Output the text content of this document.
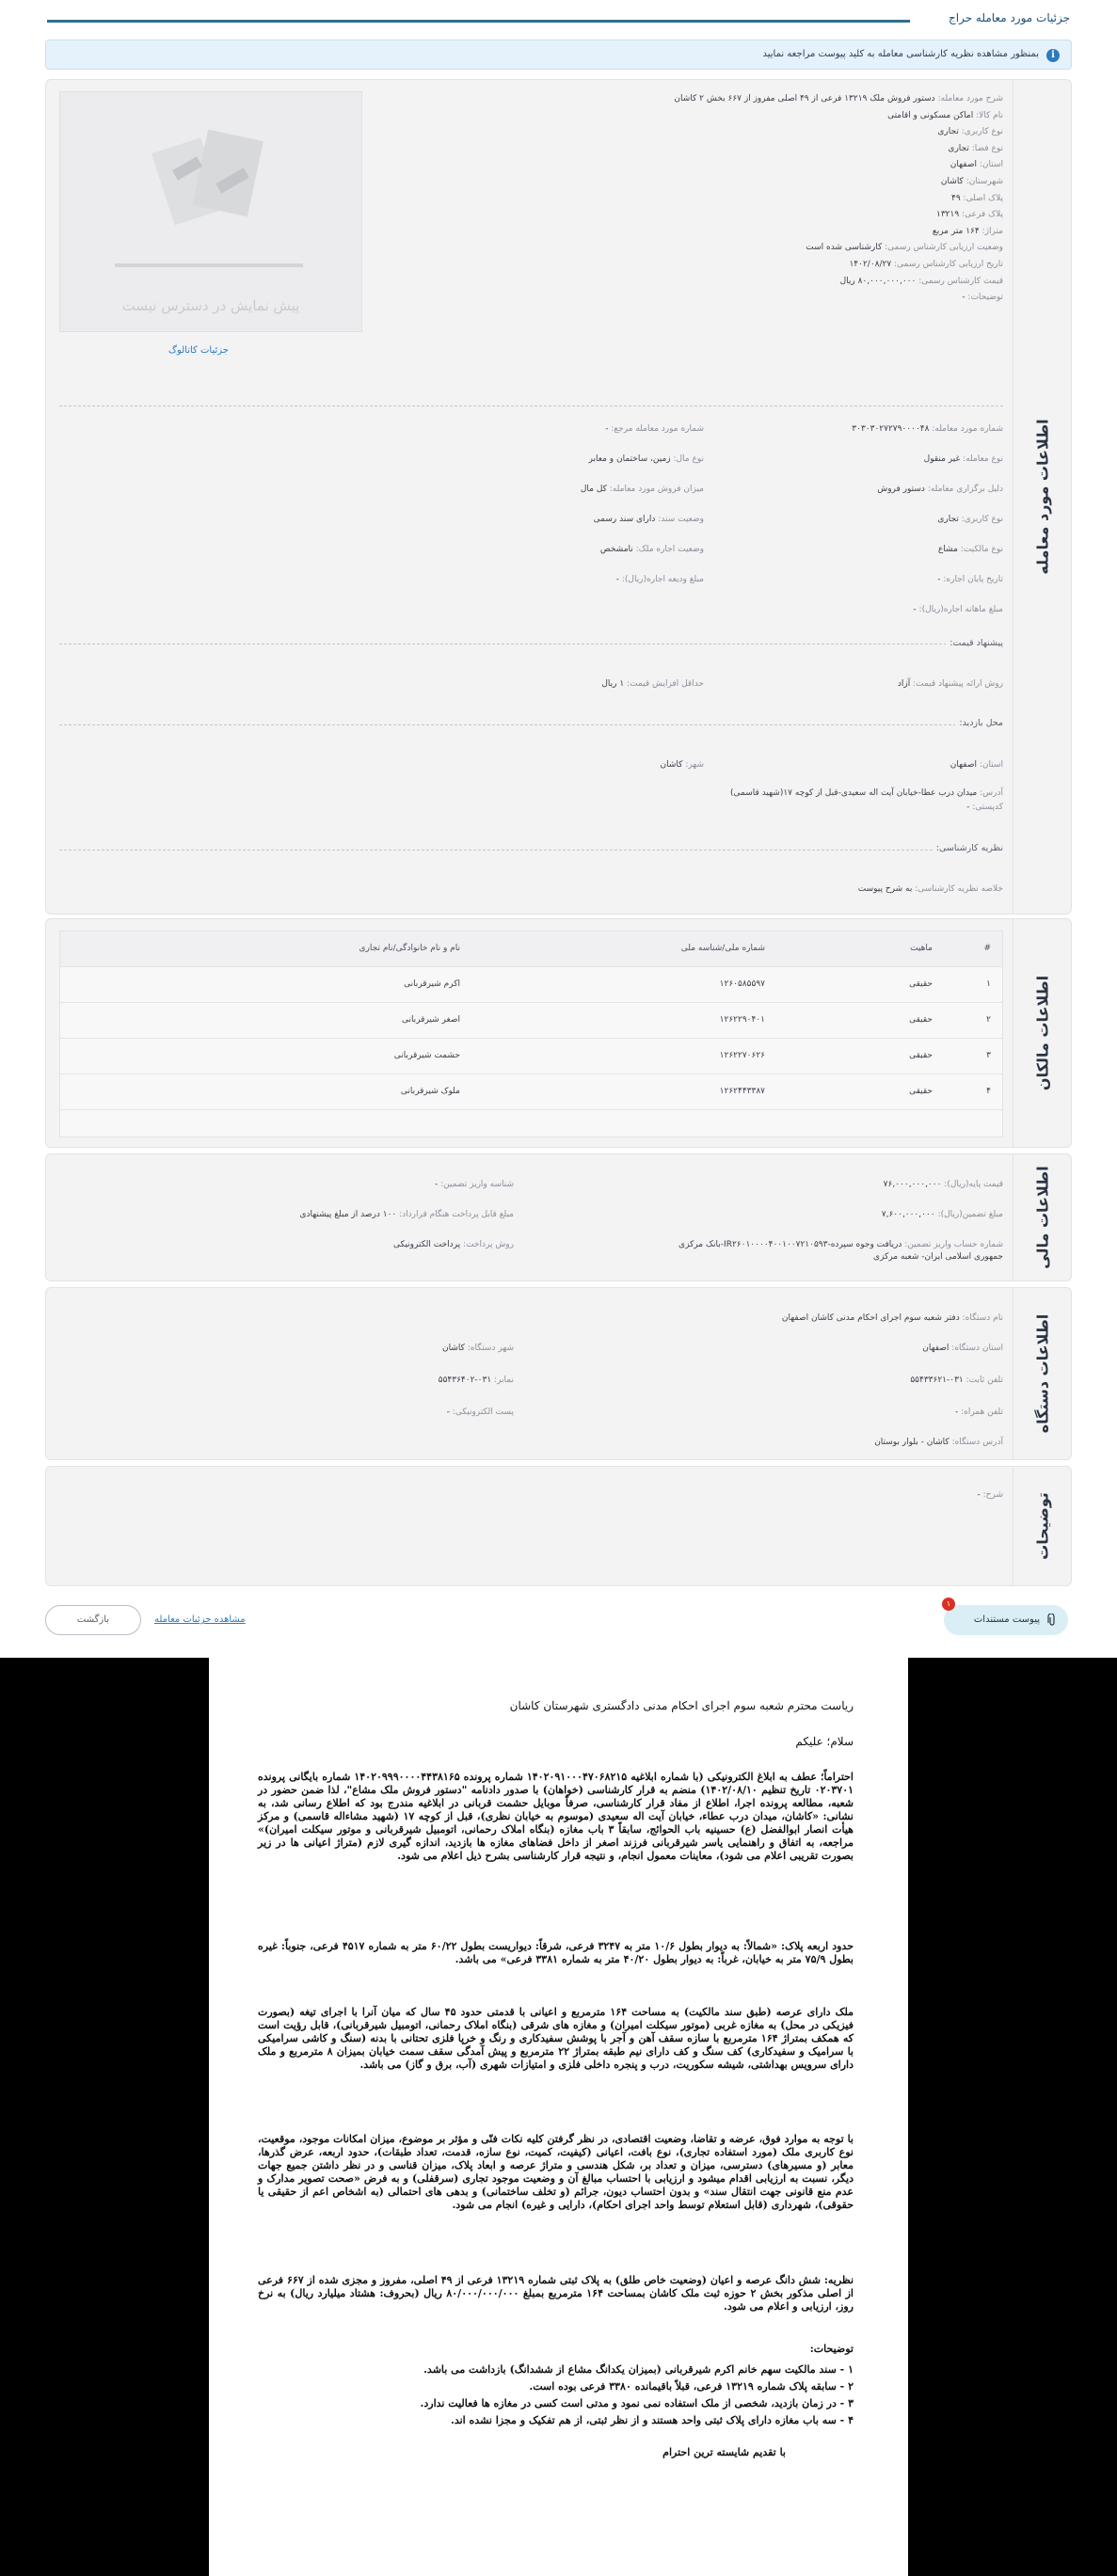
جزئیات مورد معامله حراج
i
بمنظور مشاهده نظریه کارشناسی معامله به کلید پیوست مراجعه نمایید
اطلاعات مورد معامله
پیش نمایش در دسترس نیست
جزئیات کاتالوگ
شرح مورد معامله: دستور فروش ملک ۱۳۲۱۹ فرعی از ۴۹ اصلی مفروز از ۶۶۷ بخش ۲ کاشان
نام کالا: اماکن مسکونی و اقامتی
نوع کاربری: تجاری
نوع فضا: تجاری
استان: اصفهان
شهرستان: کاشان
پلاک اصلی: ۴۹
پلاک فرعی: ۱۳۲۱۹
متراژ: ۱۶۴ متر مربع
وضعیت ارزیابی کارشناس رسمی: کارشناسی شده است
تاریخ ارزیابی کارشناس رسمی: ۱۴۰۲/۰۸/۲۷
قیمت کارشناس رسمی: ۸۰,۰۰۰,۰۰۰,۰۰۰ ریال
توضیحات: -
شماره مورد معامله: ۳۰۳۰۳۰۲۷۲۷۹۰۰۰۰۴۸
نوع معامله: غیر منقول
دلیل برگزاری معامله: دستور فروش
نوع کاربری: تجاری
نوع مالکیت: مشاع
تاریخ پایان اجاره: -
مبلغ ماهانه اجاره(ریال): -
شماره مورد معامله مرجع: -
نوع مال: زمین، ساختمان و معابر
میزان فروش مورد معامله: کل مال
وضعیت سند: دارای سند رسمی
وضعیت اجاره ملک: نامشخص
مبلغ ودیعه اجاره(ریال): -
پیشنهاد قیمت:
روش ارائه پیشنهاد قیمت: آزاد
حداقل افزایش قیمت: ۱ ریال
محل بازدید:
استان: اصفهان
شهر: کاشان
آدرس: میدان درب عطا-خیابان آیت اله سعیدی-قبل از کوچه ۱۷(شهید قاسمی)
کدپستی: -
نظریه کارشناسی:
خلاصه نظریه کارشناسی: به شرح پیوست
اطلاعات مالکان
#
ماهیت
شماره ملی/شناسه ملی
نام و نام خانوادگی/نام تجاری
۱
حقیقی
۱۲۶۰۵۸۵۵۹۷
اکرم شیرقربانی
۲
حقیقی
۱۲۶۲۲۹۰۴۰۱
اصغر شیرقربانی
۳
حقیقی
۱۲۶۲۲۷۰۶۲۶
حشمت شیرقربانی
۴
حقیقی
۱۲۶۲۴۴۳۳۸۷
ملوک شیرقربانی
اطلاعات مالی
قیمت پایه(ریال): ۷۶,۰۰۰,۰۰۰,۰۰۰
شناسه واریز تضمین: -
مبلغ تضمین(ریال): ۷,۶۰۰,۰۰۰,۰۰۰
مبلغ قابل پرداخت هنگام قرارداد: ۱۰۰ درصد از مبلغ پیشنهادی
شماره حساب واریز تضمین: دریافت وجوه سپرده-IR۲۶۰۱۰۰۰۰۴۰۰۱۰۰۷۲۱۰۵۹۳-بانک مرکزی جمهوری اسلامی ایران- شعبه مرکزی
روش پرداخت: پرداخت الکترونیکی
اطلاعات دستگاه
نام دستگاه: دفتر شعبه سوم اجرای احکام مدنی کاشان اصفهان
استان دستگاه: اصفهان
شهر دستگاه: کاشان
تلفن ثابت: ۰۳۱-۵۵۴۳۳۶۲۱
نمابر: ۰۳۱-۵۵۴۳۶۴۰۲
تلفن همراه: -
پست الکترونیکی: -
آدرس دستگاه: کاشان - بلوار بوستان
توضیحات
شرح: -
بازگشت	مشاهده جزئیات معامله	پیوست مستندات
۱

ریاست محترم شعبه سوم اجرای احکام مدنی دادگستری شهرستان کاشان

سلام؛ علیکم

احتراماً؛ عطف به ابلاغ الکترونیکی (با شماره ابلاغیه ۱۴۰۲۰۹۱۰۰۰۴۷۰۶۸۲۱۵ شماره پرونده ۱۴۰۲۰۹۹۹۰۰۰۰۴۴۳۸۱۶۵ شماره بایگانی پرونده ۰۲۰۳۷۰۱ تاریخ تنظیم ۱۴۰۲/۰۸/۱۰) منضم به قرار کارشناسی (خواهان) با صدور دادنامه "دستور فروش ملک مشاع"، لذا ضمن حضور در شعبه، مطالعه پرونده اجرا، اطلاع از مفاد قرار کارشناسی، صرفاً موبایل حشمت قربانی در ابلاغیه مندرج بود که اطلاع رسانی شد، به نشانی: «کاشان، میدان درب عطاء، خیابان آیت اله سعیدی (موسوم به خیابان نظری)، قبل از کوچه ۱۷ (شهید مشاءاله قاسمی) و مرکز هیأت انصار ابوالفضل (ع) حسینیه باب الحوائج، سابقاً ۳ باب مغازه (بنگاه املاک رحمانی، اتومبیل شیرقربانی و موتور سیکلت امیران)» مراجعه، به اتفاق و راهنمایی یاسر شیرقربانی فرزند اصغر از داخل فضاهای مغازه ها بازدید، اندازه گیری لازم (متراژ اعیانی ها در زیر بصورت تقریبی اعلام می شود)، معاینات معمول انجام، و نتیجه قرار کارشناسی بشرح ذیل اعلام می شود.

حدود اربعه پلاک: «شمالاً: به دیوار بطول ۱۰/۶ متر به ۳۲۴۷ فرعی، شرقاً: دیواریست بطول ۶۰/۲۲ متر به شماره ۴۵۱۷ فرعی، جنوباً: غیره بطول ۷۵/۹ متر به خیابان، غرباً: به دیوار بطول ۴۰/۲۰ متر به شماره ۳۳۸۱ فرعی» می باشد.

ملک دارای عرصه (طبق سند مالکیت) به مساحت ۱۶۴ مترمربع و اعیانی با قدمتی حدود ۴۵ سال که میان آنرا با اجرای تیغه (بصورت فیزیکی در محل) به مغازه غربی (موتور سیکلت امیران) و مغازه های شرقی (بنگاه املاک رحمانی، اتومبیل شیرقربانی)، قابل رؤیت است که همکف بمتراژ ۱۶۴ مترمربع با سازه سقف آهن و آجر با پوشش سفیدکاری و رنگ و خرپا فلزی تحتانی با بدنه (سنگ و کاشی سرامیکی با سرامیک و سفیدکاری) کف سنگ و کف دارای نیم طبقه بمتراژ ۲۲ مترمربع و پیش آمدگی سقف سمت خیابان بمیزان ۸ مترمربع و ملک دارای سرویس بهداشتی، شیشه سکوریت، درب و پنجره داخلی فلزی و امتیازات شهری (آب، برق و گاز) می باشد.

با توجه به موارد فوق، عرضه و تقاضا، وضعیت اقتصادی، در نظر گرفتن کلیه نکات فنّی و مؤثر بر موضوع، میزان امکانات موجود، موقعیت، نوع کاربری ملک (مورد استفاده تجاری)، نوع بافت، اعیانی (کیفیت، کمیت، نوع سازه، قدمت، تعداد طبقات)، حدود اربعه، عرض گذرها، معابر (و مسیرهای) دسترسی، میزان و تعداد بر، شکل هندسی و متراژ عرصه و ابعاد پلاک، میزان قناسی و در نظر داشتن جمیع جهات دیگر، نسبت به ارزیابی اقدام میشود و ارزیابی با احتساب مبالغ آن و وضعیت موجود تجاری (سرقفلی) و به فرض «صحت تصویر مدارک و عدم منع قانونی جهت انتقال سند» و بدون احتساب دیون، جرائم (و تخلف ساختمانی) و بدهی های احتمالی (به اشخاص اعم از حقیقی یا حقوقی)، شهرداری (قابل استعلام توسط واحد اجرای احکام)، دارایی و غیره) انجام می شود.

نظریه: شش دانگ عرصه و اعیان (وضعیت خاص طلق) به پلاک ثبتی شماره ۱۳۲۱۹ فرعی از ۴۹ اصلی، مفروز و مجزی شده از ۶۶۷ فرعی از اصلی مذکور بخش ۲ حوزه ثبت ملک کاشان بمساحت ۱۶۴ مترمربع بمبلغ ۸۰/۰۰۰/۰۰۰/۰۰۰ ریال (بحروف: هشتاد میلیارد ریال) به نرخ روز، ارزیابی و اعلام می شود.

توضیحات:

۱ - سند مالکیت سهم خانم اکرم شیرقربانی (بمیزان یکدانگ مشاع از ششدانگ) بازداشت می باشد.

۲ - سابقه پلاک شماره ۱۳۲۱۹ فرعی، قبلاً باقیمانده ۳۳۸۰ فرعی بوده است.

۳ - در زمان بازدید، شخصی از ملک استفاده نمی نمود و مدتی است کسی در مغازه ها فعالیت ندارد.

۴ - سه باب مغازه دارای پلاک ثبتی واحد هستند و از نظر ثبتی، از هم تفکیک و مجزا نشده اند.

با تقدیم شایسته ترین احترام
